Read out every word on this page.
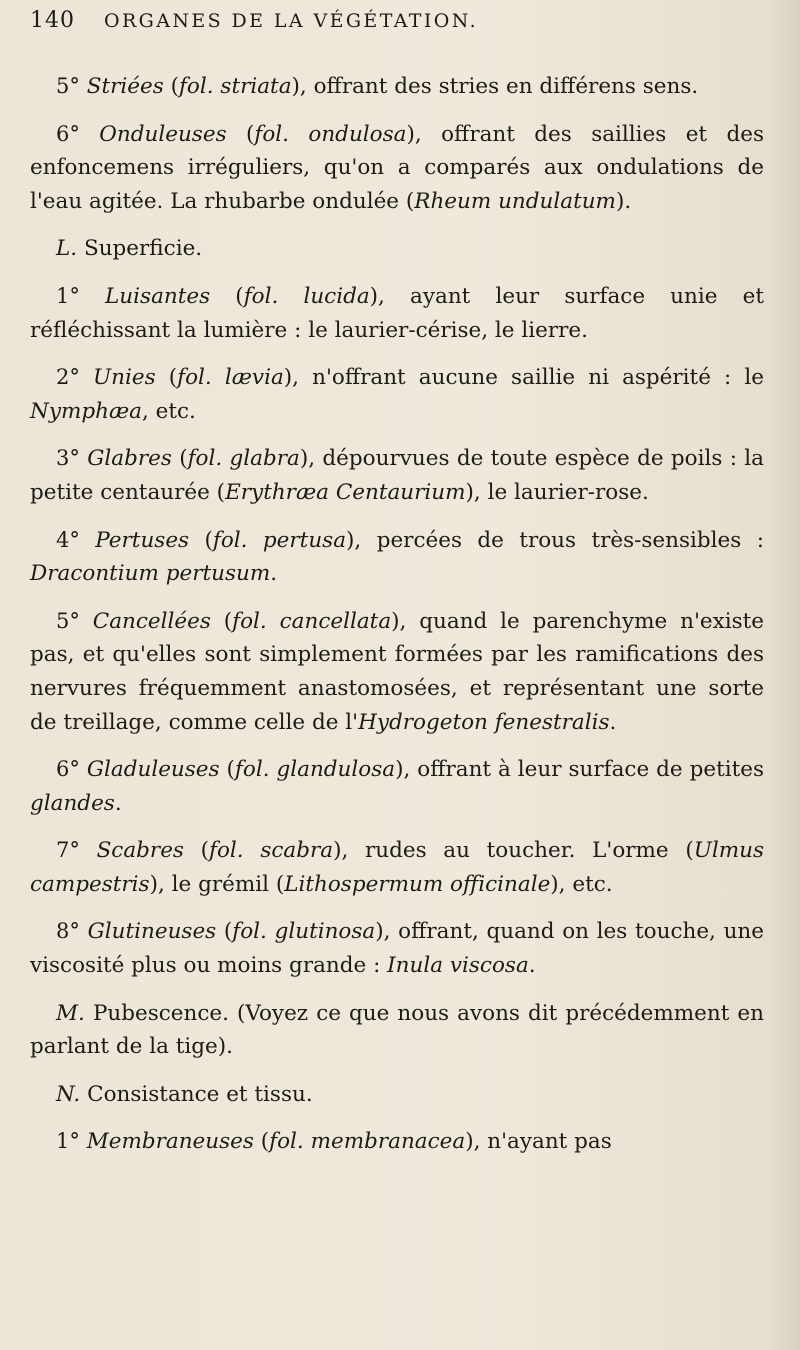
140 ORGANES DE LA VÉGÉTATION.

5° Striées (fol. striata), offrant des stries en différens sens.

6° Onduleuses (fol. ondulosa), offrant des saillies et des enfoncemens irréguliers, qu'on a comparés aux ondulations de l'eau agitée. La rhubarbe ondulée (Rheum undulatum).

L. Superficie.

1° Luisantes (fol. lucida), ayant leur surface unie et réfléchissant la lumière : le laurier-cérise, le lierre.

2° Unies (fol. lævia), n'offrant aucune saillie ni aspérité : le Nymphæa, etc.

3° Glabres (fol. glabra), dépourvues de toute espèce de poils : la petite centaurée (Erythræa Centaurium), le laurier-rose.

4° Pertuses (fol. pertusa), percées de trous très-sensibles : Dracontium pertusum.

5° Cancellées (fol. cancellata), quand le parenchyme n'existe pas, et qu'elles sont simplement formées par les ramifications des nervures fréquemment anastomosées, et représentant une sorte de treillage, comme celle de l'Hydrogeton fenestralis.

6° Gladuleuses (fol. glandulosa), offrant à leur surface de petites glandes.

7° Scabres (fol. scabra), rudes au toucher. L'orme (Ulmus campestris), le grémil (Lithospermum officinale), etc.

8° Glutineuses (fol. glutinosa), offrant, quand on les touche, une viscosité plus ou moins grande : Inula viscosa.

M. Pubescence. (Voyez ce que nous avons dit précédemment en parlant de la tige).

N. Consistance et tissu.

1° Membraneuses (fol. membranacea), n'ayant pas
